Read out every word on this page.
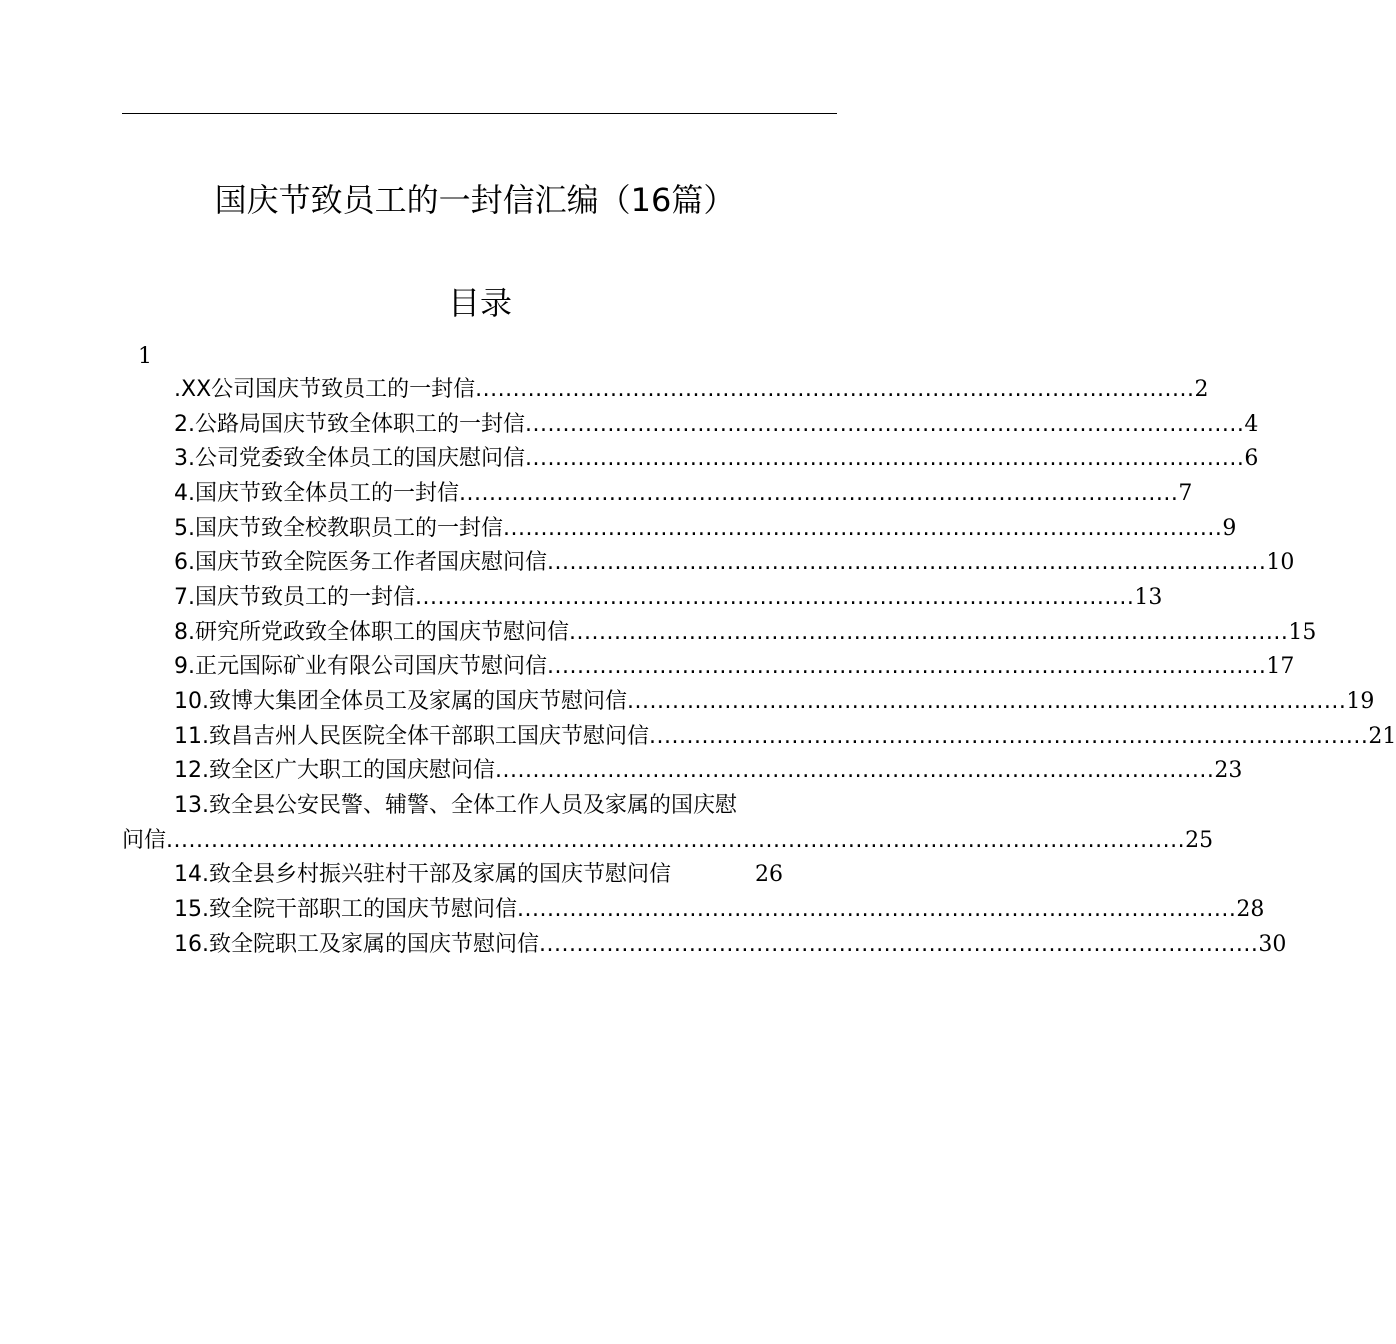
国庆节致员工的一封信汇编（16篇）
目录
1
.XX公司国庆节致员工的一封信 ................................................................................................ 2
2.公路局国庆节致全体职工的一封信 ................................................................................................ 4
3.公司党委致全体员工的国庆慰问信 ................................................................................................ 6
4.国庆节致全体员工的一封信 ................................................................................................ 7
5.国庆节致全校教职员工的一封信 ................................................................................................ 9
6.国庆节致全院医务工作者国庆慰问信 ................................................................................................ 10
7.国庆节致员工的一封信 ................................................................................................ 13
8.研究所党政致全体职工的国庆节慰问信 ................................................................................................ 15
9.正元国际矿业有限公司国庆节慰问信 ................................................................................................ 17
10.致博大集团全体员工及家属的国庆节慰问信 ................................................................................................ 19
11.致昌吉州人民医院全体干部职工国庆节慰问信 ................................................................................................ 21
12.致全区广大职工的国庆慰问信 ................................................................................................ 23
13.致全县公安民警、辅警、全体工作人员及家属的国庆慰
问信 ........................................................................................................................................ 25
14.致全县乡村振兴驻村干部及家属的国庆节慰问信	26
15.致全院干部职工的国庆节慰问信 ................................................................................................ 28
16.致全院职工及家属的国庆节慰问信 ................................................................................................ 30
